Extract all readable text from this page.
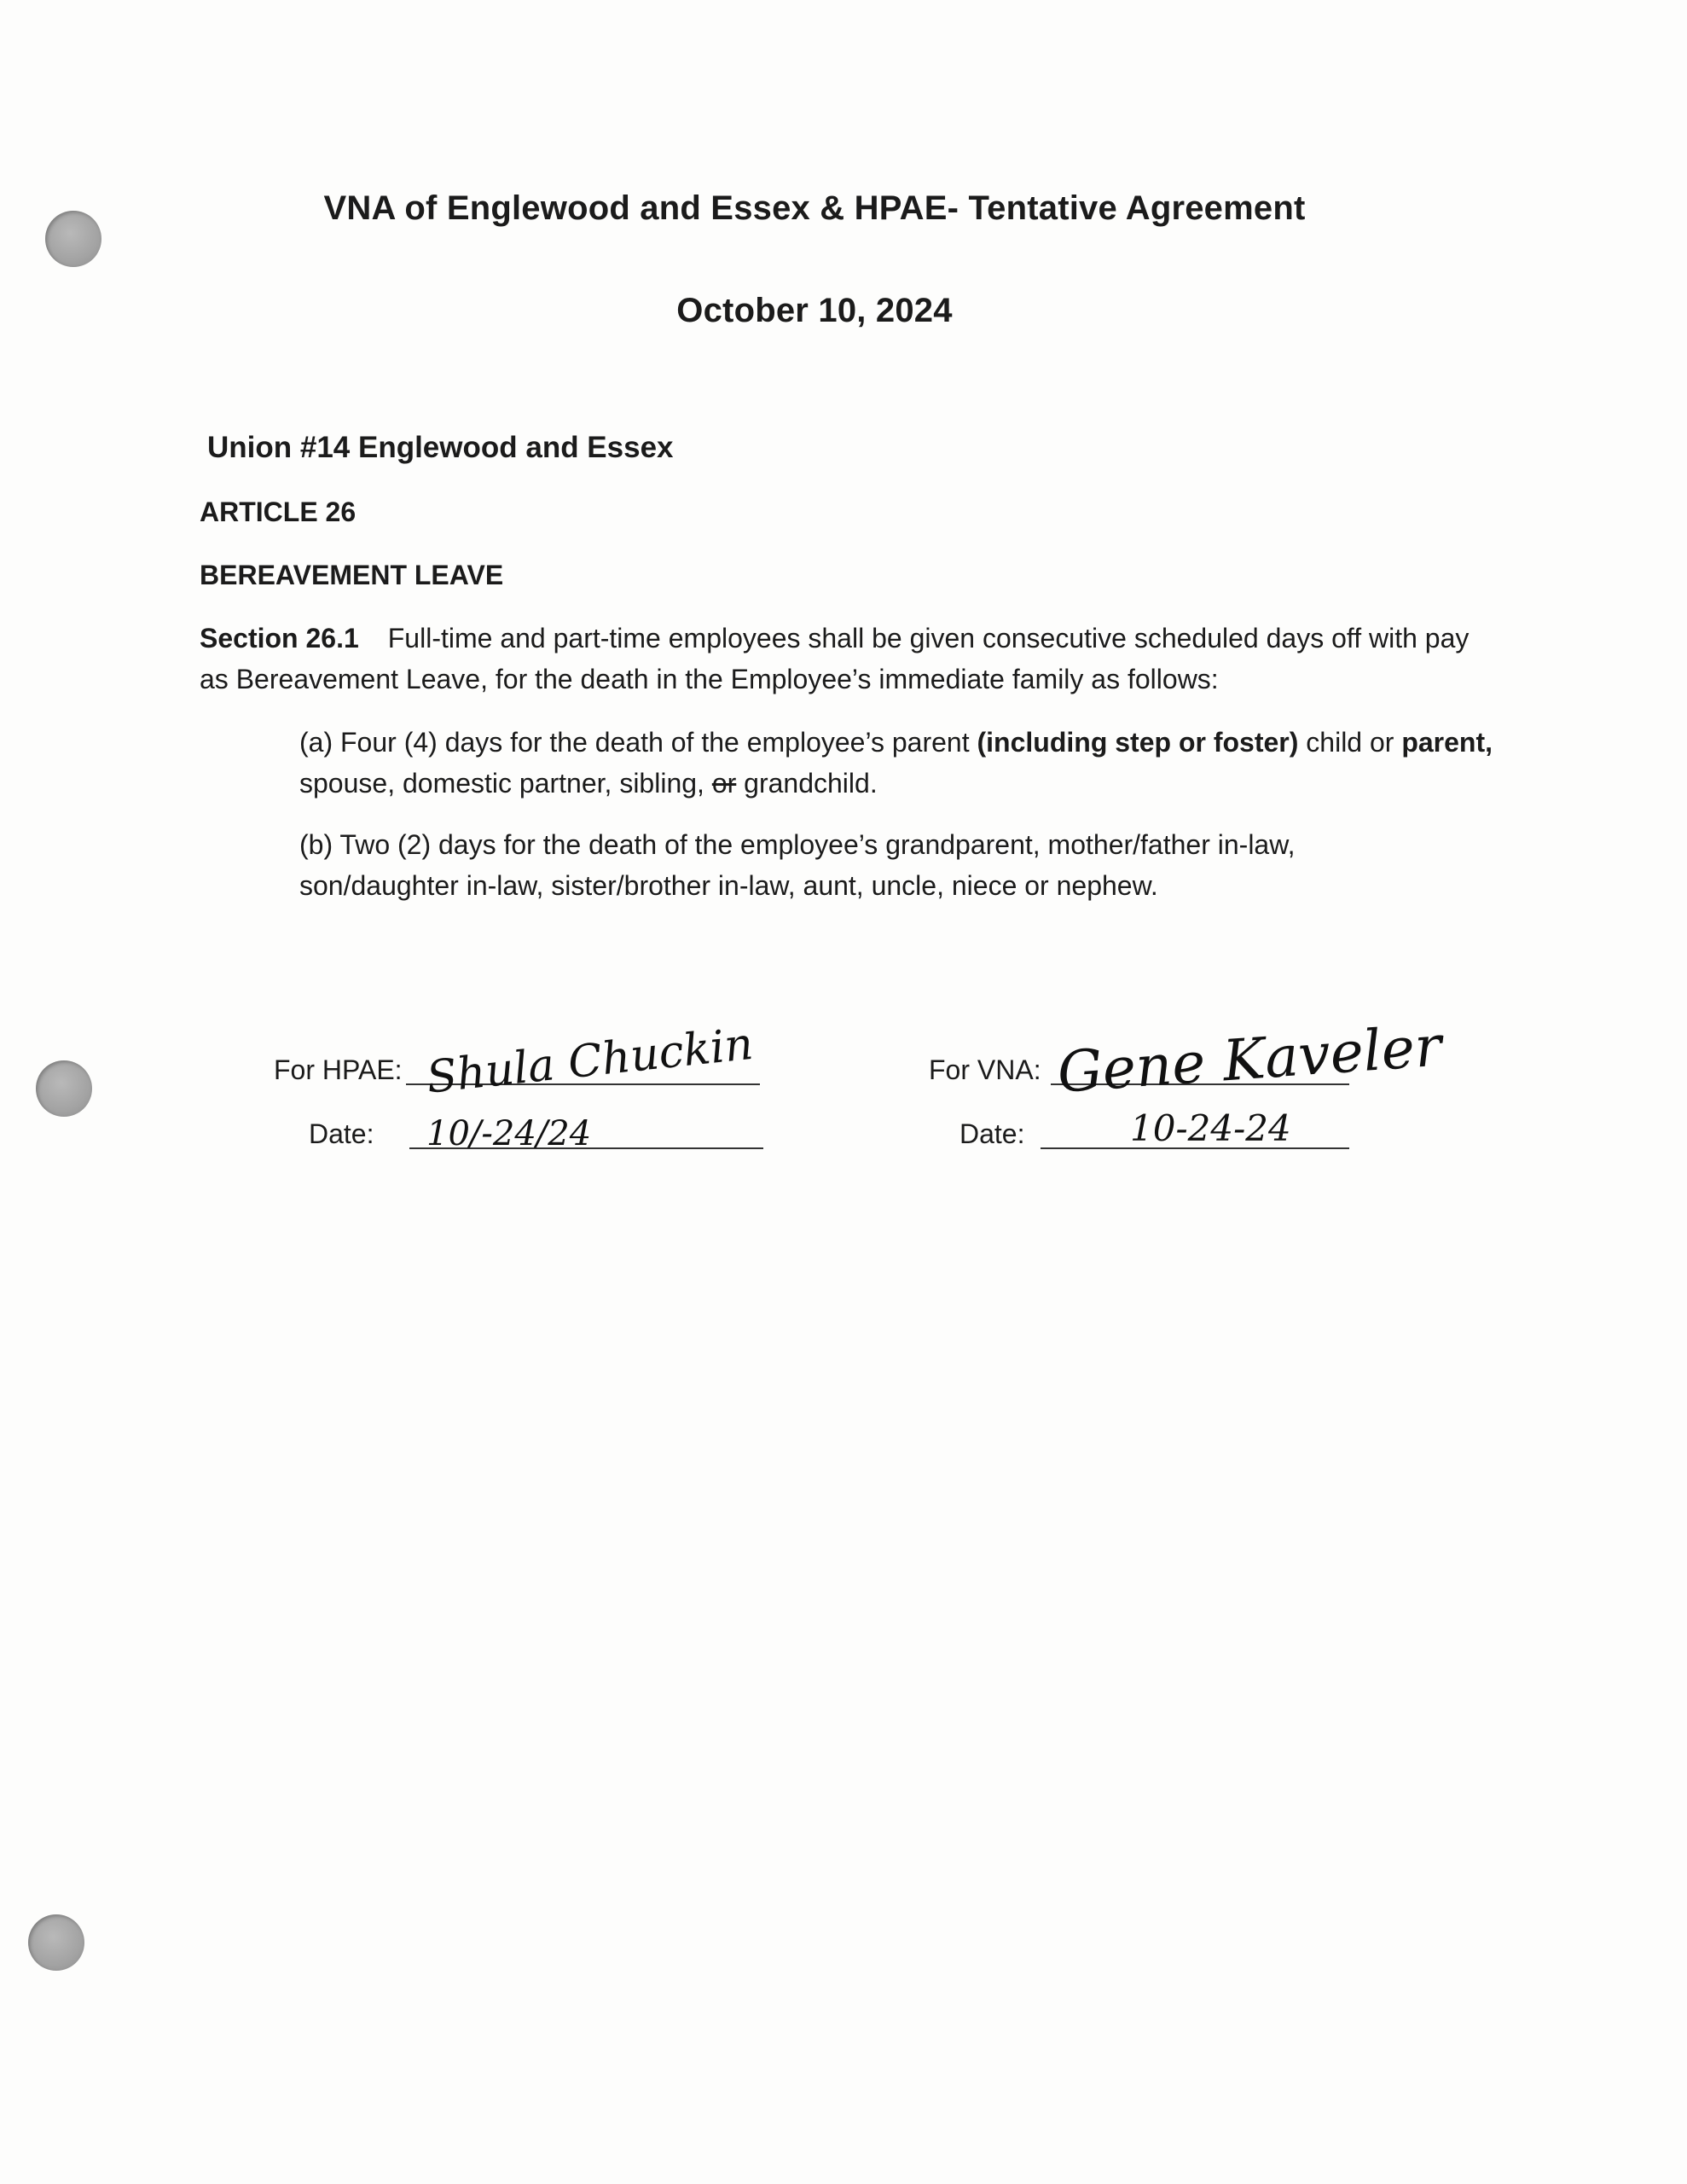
VNA of Englewood and Essex & HPAE- Tentative Agreement
October 10, 2024
Union #14 Englewood and Essex
ARTICLE 26
BEREAVEMENT LEAVE
Section 26.1 Full-time and part-time employees shall be given consecutive scheduled days off with pay as Bereavement Leave, for the death in the Employee’s immediate family as follows:
(a) Four (4) days for the death of the employee’s parent (including step or foster) child or parent, spouse, domestic partner, sibling, or grandchild.
(b) Two (2) days for the death of the employee’s grandparent, mother/father in-law, son/daughter in-law, sister/brother in-law, aunt, uncle, niece or nephew.
For HPAE: Shula Chuckin
Date: 10/-24/24
For VNA: Gene Kaveler
Date:	10-24-24
